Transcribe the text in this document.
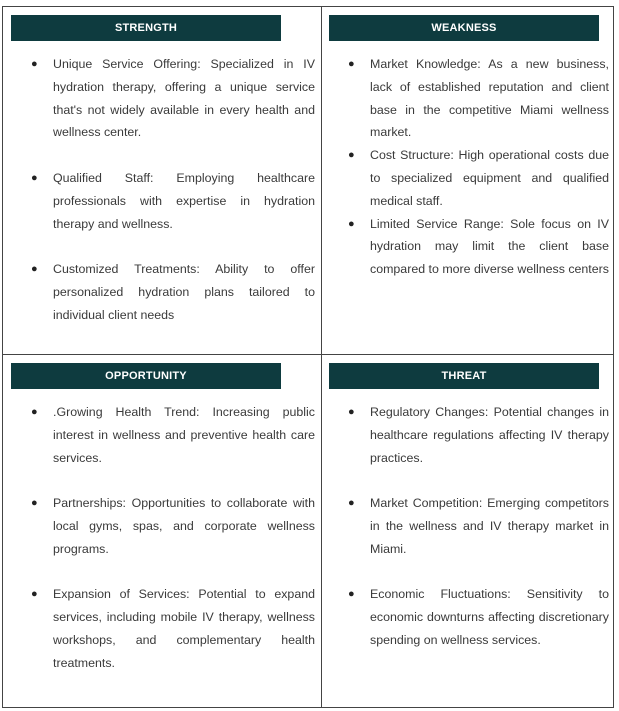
STRENGTH
● Unique Service Offering: Specialized in IV hydration therapy, offering a unique service that's not widely available in every health and wellness center.
● Qualified Staff: Employing healthcare professionals with expertise in hydration therapy and wellness.
● Customized Treatments: Ability to offer personalized hydration plans tailored to individual client needs
WEAKNESS
● Market Knowledge: As a new business, lack of established reputation and client base in the competitive Miami wellness market.
● Cost Structure: High operational costs due to specialized equipment and qualified medical staff.
● Limited Service Range: Sole focus on IV hydration may limit the client base compared to more diverse wellness centers
OPPORTUNITY
● .Growing Health Trend: Increasing public interest in wellness and preventive health care services.
● Partnerships: Opportunities to collaborate with local gyms, spas, and corporate wellness programs.
● Expansion of Services: Potential to expand services, including mobile IV therapy, wellness workshops, and complementary health treatments.
THREAT
● Regulatory Changes: Potential changes in healthcare regulations affecting IV therapy practices.
● Market Competition: Emerging competitors in the wellness and IV therapy market in Miami.
● Economic Fluctuations: Sensitivity to economic downturns affecting discretionary spending on wellness services.
